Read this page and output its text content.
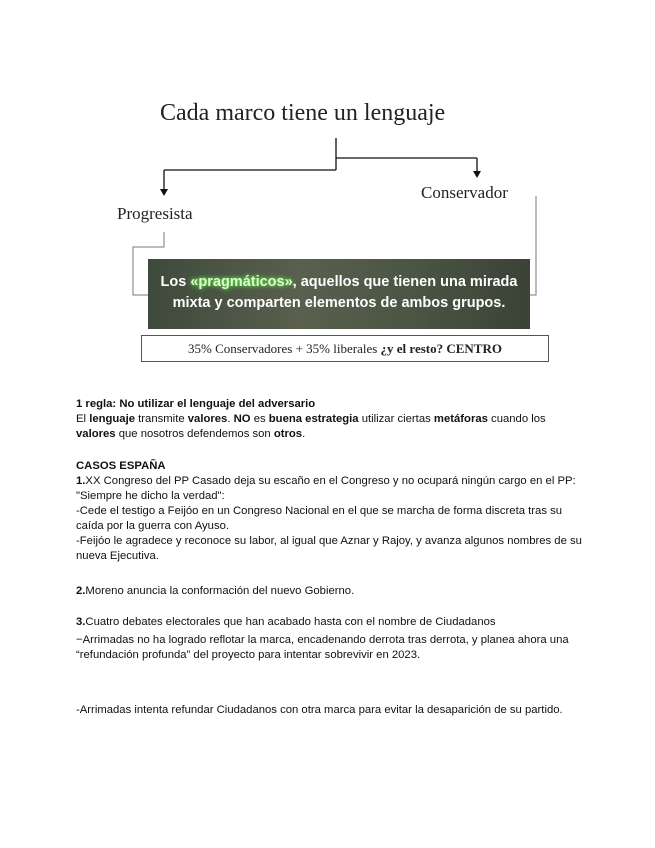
Cada marco tiene un lenguaje
Conservador
Progresista
Los «pragmáticos», aquellos que tienen una mirada
mixta y comparten elementos de ambos grupos.
35% Conservadores + 35% liberales ¿y el resto? CENTRO

1 regla: No utilizar el lenguaje del adversario

El lenguaje transmite valores. NO es buena estrategia utilizar ciertas metáforas cuando los
valores que nosotros defendemos son otros.

CASOS ESPAÑA

1.XX Congreso del PP Casado deja su escaño en el Congreso y no ocupará ningún cargo en el PP: "Siempre he dicho la verdad":

-Cede el testigo a Feijóo en un Congreso Nacional en el que se marcha de forma discreta tras su caída por la guerra con Ayuso.

-Feijóo le agradece y reconoce su labor, al igual que Aznar y Rajoy, y avanza algunos nombres de su nueva Ejecutiva.

2.Moreno anuncia la conformación del nuevo Gobierno.

3.Cuatro debates electorales que han acabado hasta con el nombre de Ciudadanos

−Arrimadas no ha logrado reflotar la marca, encadenando derrota tras derrota, y planea ahora una “refundación profunda” del proyecto para intentar sobrevivir en 2023.

-Arrimadas intenta refundar Ciudadanos con otra marca para evitar la desaparición de su partido.
